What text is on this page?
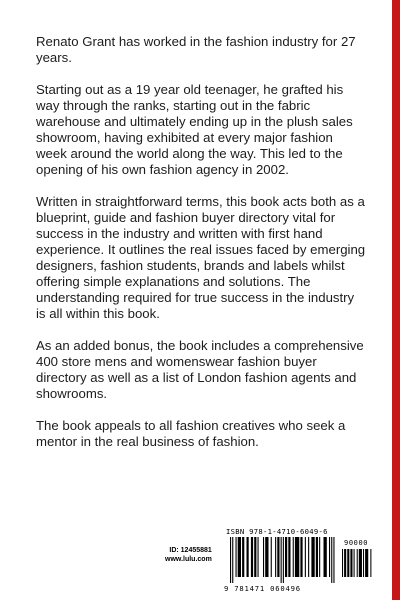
Renato Grant has worked in the fashion industry for 27 years.

Starting out as a 19 year old teenager, he grafted his way through the ranks, starting out in the fabric warehouse and ultimately ending up in the plush sales showroom, having exhibited at every major fashion week around the world along the way. This led to the opening of his own fashion agency in 2002.

Written in straightforward terms, this book acts both as a blueprint, guide and fashion buyer directory vital for success in the industry and written with first hand experience. It outlines the real issues faced by emerging designers, fashion students, brands and labels whilst offering simple explanations and solutions. The understanding required for true success in the industry is all within this book.

As an added bonus, the book includes a comprehensive 400 store mens and womenswear fashion buyer directory as well as a list of London fashion agents and showrooms.

The book appeals to all fashion creatives who seek a mentor in the real business of fashion.

ID: 12455881
www.lulu.com
ISBN 978-1-4710-6049-6
9 781471 060496
90000
